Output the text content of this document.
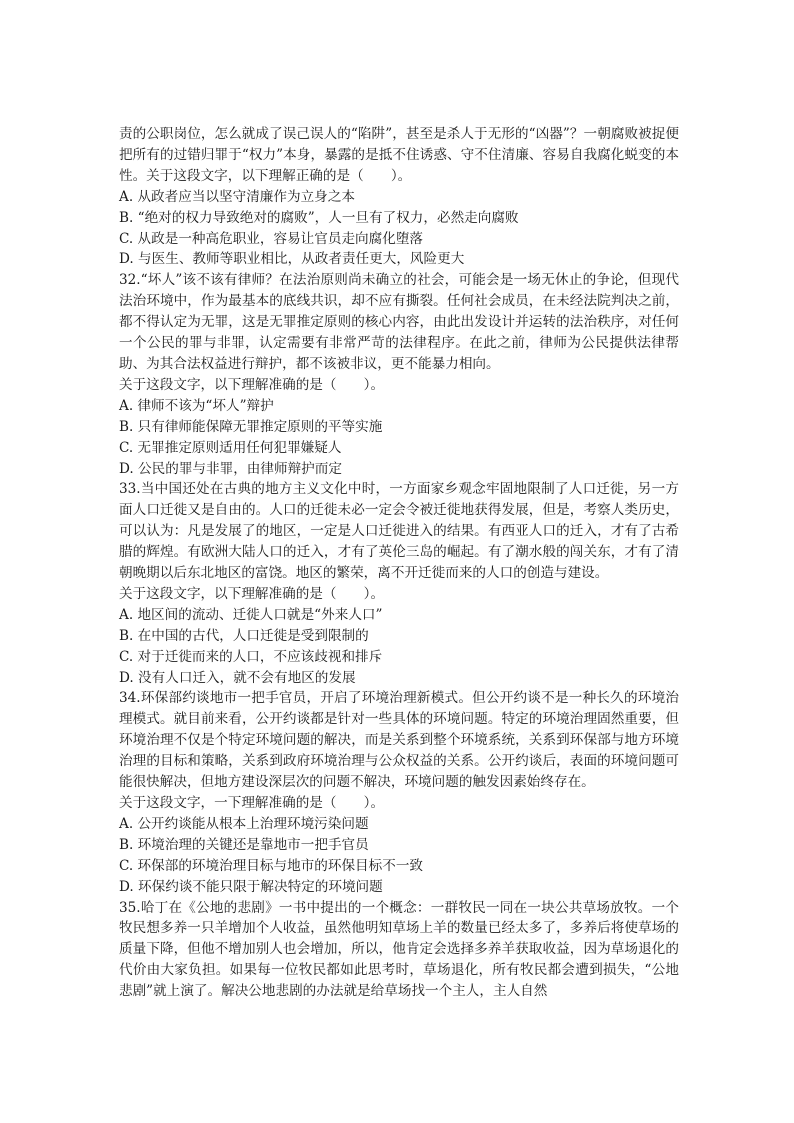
责的公职岗位，怎么就成了误己误人的“陷阱”，甚至是杀人于无形的“凶器”？一朝腐败被捉便把所有的过错归罪于“权力”本身，暴露的是抵不住诱惑、守不住清廉、容易自我腐化蜕变的本性。关于这段文字，以下理解正确的是（　　）。

A. 从政者应当以坚守清廉作为立身之本
B. “绝对的权力导致绝对的腐败”，人一旦有了权力，必然走向腐败
C. 从政是一种高危职业，容易让官员走向腐化堕落
D. 与医生、教师等职业相比，从政者责任更大，风险更大

32.“坏人”该不该有律师？在法治原则尚未确立的社会，可能会是一场无休止的争论，但现代法治环境中，作为最基本的底线共识，却不应有撕裂。任何社会成员，在未经法院判决之前，都不得认定为无罪，这是无罪推定原则的核心内容，由此出发设计并运转的法治秩序，对任何一个公民的罪与非罪，认定需要有非常严苛的法律程序。在此之前，律师为公民提供法律帮助、为其合法权益进行辩护，都不该被非议，更不能暴力相向。

关于这段文字，以下理解准确的是（　　）。
A. 律师不该为“坏人”辩护
B. 只有律师能保障无罪推定原则的平等实施
C. 无罪推定原则适用任何犯罪嫌疑人
D. 公民的罪与非罪，由律师辩护而定

33.当中国还处在古典的地方主义文化中时，一方面家乡观念牢固地限制了人口迁徙，另一方面人口迁徙又是自由的。人口的迁徙未必一定会令被迁徙地获得发展，但是，考察人类历史，可以认为：凡是发展了的地区，一定是人口迁徙进入的结果。有西亚人口的迁入，才有了古希腊的辉煌。有欧洲大陆人口的迁入，才有了英伦三岛的崛起。有了潮水般的闯关东，才有了清朝晚期以后东北地区的富饶。地区的繁荣，离不开迁徙而来的人口的创造与建设。

关于这段文字，以下理解准确的是（　　）。
A. 地区间的流动、迁徙人口就是“外来人口”
B. 在中国的古代，人口迁徙是受到限制的
C. 对于迁徙而来的人口，不应该歧视和排斥
D. 没有人口迁入，就不会有地区的发展

34.环保部约谈地市一把手官员，开启了环境治理新模式。但公开约谈不是一种长久的环境治理模式。就目前来看，公开约谈都是针对一些具体的环境问题。特定的环境治理固然重要，但环境治理不仅是个特定环境问题的解决，而是关系到整个环境系统，关系到环保部与地方环境治理的目标和策略，关系到政府环境治理与公众权益的关系。公开约谈后，表面的环境问题可能很快解决，但地方建设深层次的问题不解决，环境问题的触发因素始终存在。

关于这段文字，一下理解准确的是（　　）。
A. 公开约谈能从根本上治理环境污染问题
B. 环境治理的关键还是靠地市一把手官员
C. 环保部的环境治理目标与地市的环保目标不一致
D. 环保约谈不能只限于解决特定的环境问题

35.哈丁在《公地的悲剧》一书中提出的一个概念：一群牧民一同在一块公共草场放牧。一个牧民想多养一只羊增加个人收益，虽然他明知草场上羊的数量已经太多了，多养后将使草场的质量下降，但他不增加别人也会增加，所以，他肯定会选择多养羊获取收益，因为草场退化的代价由大家负担。如果每一位牧民都如此思考时，草场退化，所有牧民都会遭到损失，“公地悲剧”就上演了。解决公地悲剧的办法就是给草场找一个主人，主人自然
